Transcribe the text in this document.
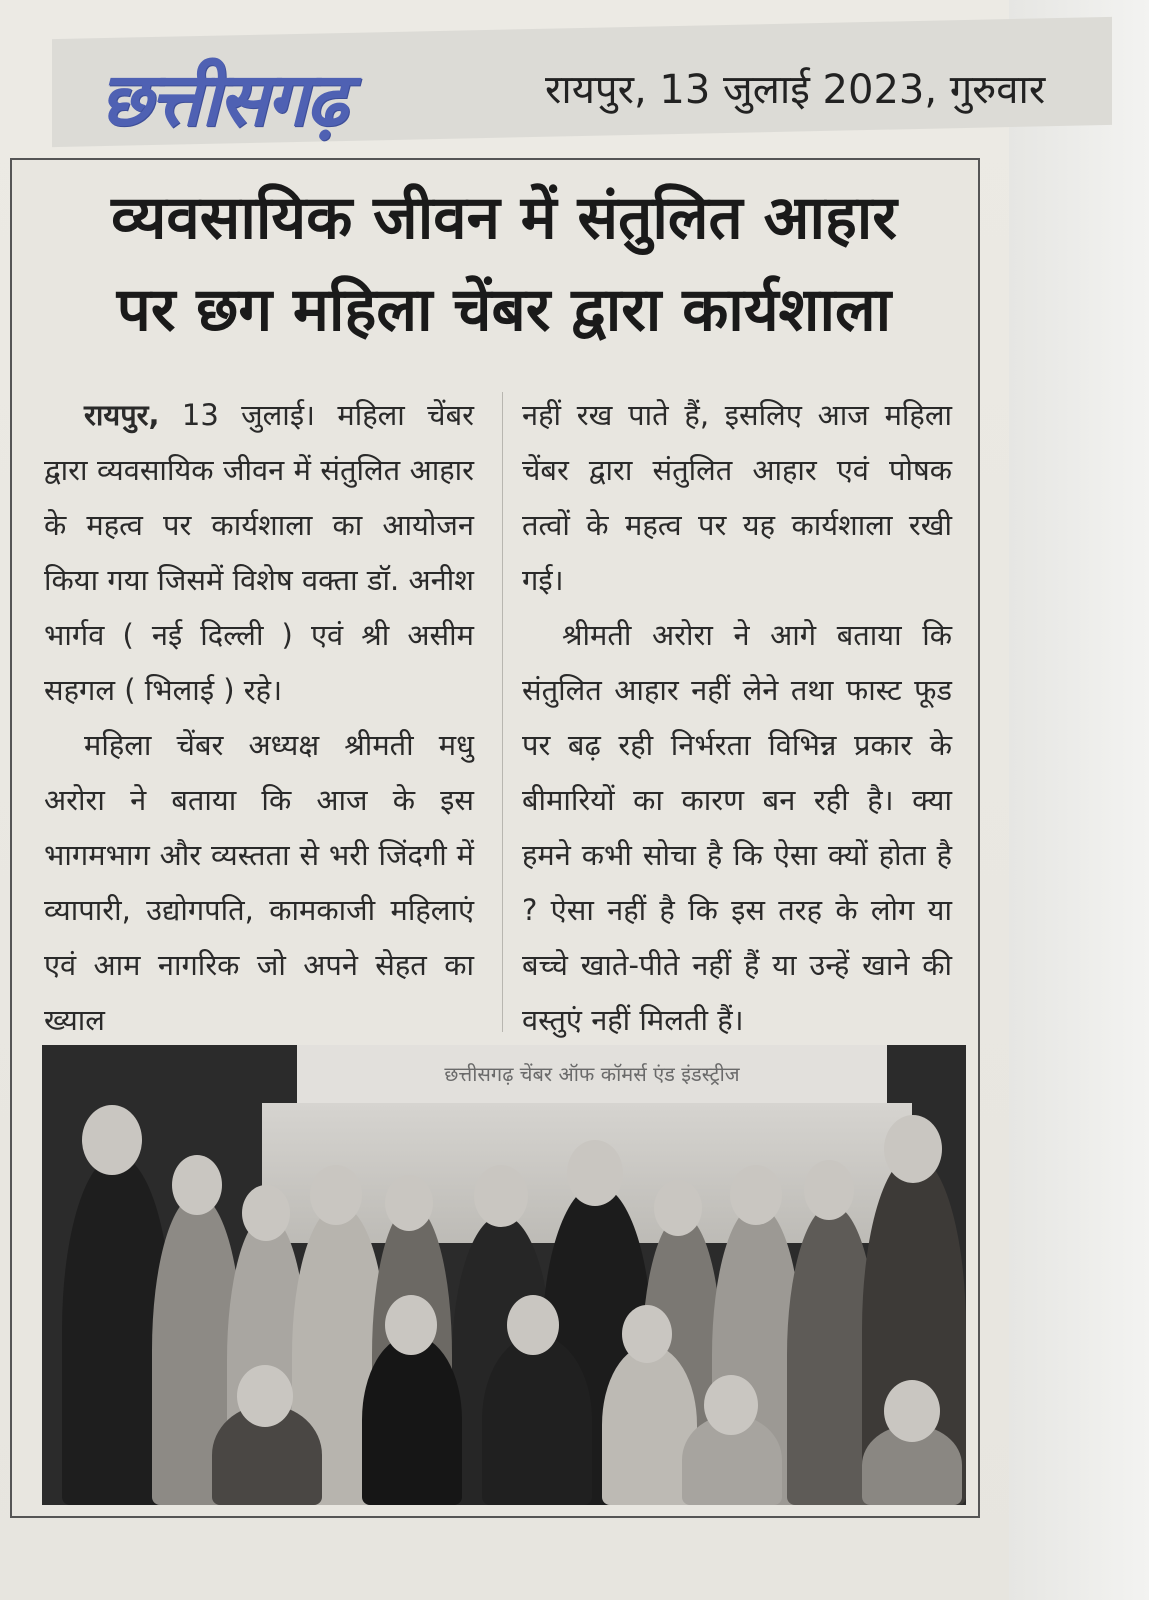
छत्तीसगढ़	रायपुर, 13 जुलाई 2023, गुरुवार
व्यवसायिक जीवन में संतुलित आहार
पर छग महिला चेंबर द्वारा कार्यशाला

रायपुर, 13 जुलाई। महिला चेंबर द्वारा व्यवसायिक जीवन में संतुलित आहार के महत्व पर कार्यशाला का आयोजन किया गया जिसमें विशेष वक्ता डॉ. अनीश भार्गव ( नई दिल्ली ) एवं श्री असीम सहगल ( भिलाई ) रहे।

महिला चेंबर अध्यक्ष श्रीमती मधु अरोरा ने बताया कि आज के इस भागमभाग और व्यस्तता से भरी जिंदगी में व्यापारी, उद्योगपति, कामकाजी महिलाएं एवं आम नागरिक जो अपने सेहत का ख्याल

नहीं रख पाते हैं, इसलिए आज महिला चेंबर द्वारा संतुलित आहार एवं पोषक तत्वों के महत्व पर यह कार्यशाला रखी गई।

श्रीमती अरोरा ने आगे बताया कि संतुलित आहार नहीं लेने तथा फास्ट फूड पर बढ़ रही निर्भरता विभिन्न प्रकार के बीमारियों का कारण बन रही है। क्या हमने कभी सोचा है कि ऐसा क्यों होता है ? ऐसा नहीं है कि इस तरह के लोग या बच्चे खाते-पीते नहीं हैं या उन्हें खाने की वस्तुएं नहीं मिलती हैं।

छत्तीसगढ़ चेंबर ऑफ कॉमर्स एंड इंडस्ट्रीज
